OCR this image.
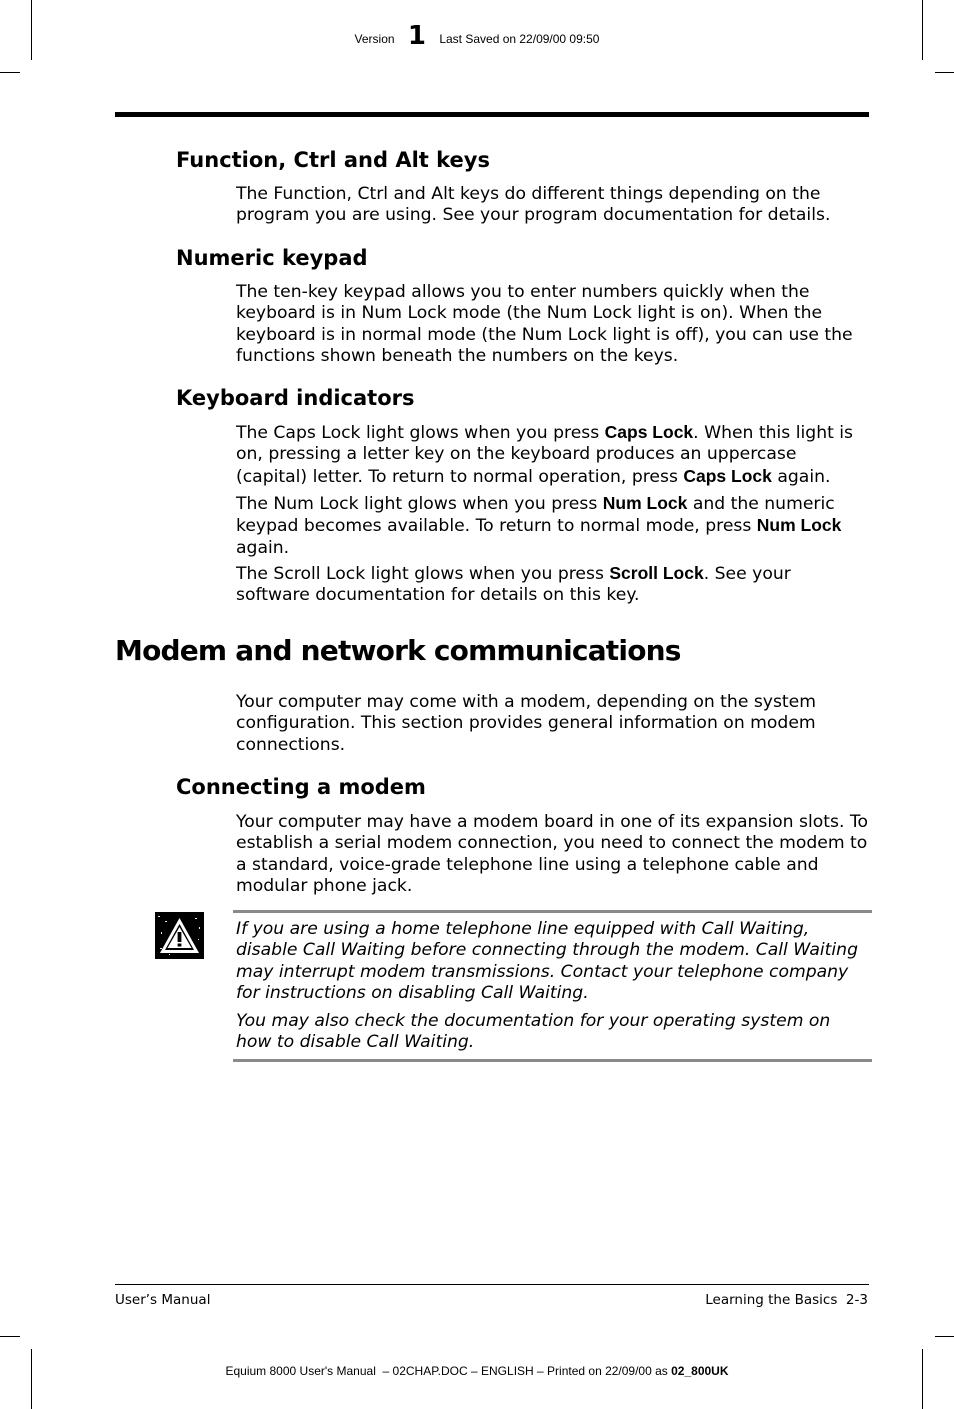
Version 1 Last Saved on 22/09/00 09:50
Function, Ctrl and Alt keys
The Function, Ctrl and Alt keys do different things depending on the program you are using. See your program documentation for details.
Numeric keypad
The ten-key keypad allows you to enter numbers quickly when the keyboard is in Num Lock mode (the Num Lock light is on). When the keyboard is in normal mode (the Num Lock light is off), you can use the functions shown beneath the numbers on the keys.
Keyboard indicators
The Caps Lock light glows when you press Caps Lock. When this light is on, pressing a letter key on the keyboard produces an uppercase (capital) letter. To return to normal operation, press Caps Lock again.
The Num Lock light glows when you press Num Lock and the numeric keypad becomes available. To return to normal mode, press Num Lock again.
The Scroll Lock light glows when you press Scroll Lock. See your software documentation for details on this key.
Modem and network communications
Your computer may come with a modem, depending on the system configuration. This section provides general information on modem connections.
Connecting a modem
Your computer may have a modem board in one of its expansion slots. To establish a serial modem connection, you need to connect the modem to a standard, voice-grade telephone line using a telephone cable and modular phone jack.
If you are using a home telephone line equipped with Call Waiting, disable Call Waiting before connecting through the modem. Call Waiting may interrupt modem transmissions. Contact your telephone company for instructions on disabling Call Waiting.
You may also check the documentation for your operating system on how to disable Call Waiting.
User’s Manual	Learning the Basics  2-3
Equium 8000 User's Manual  – 02CHAP.DOC – ENGLISH – Printed on 22/09/00 as 02_800UK
